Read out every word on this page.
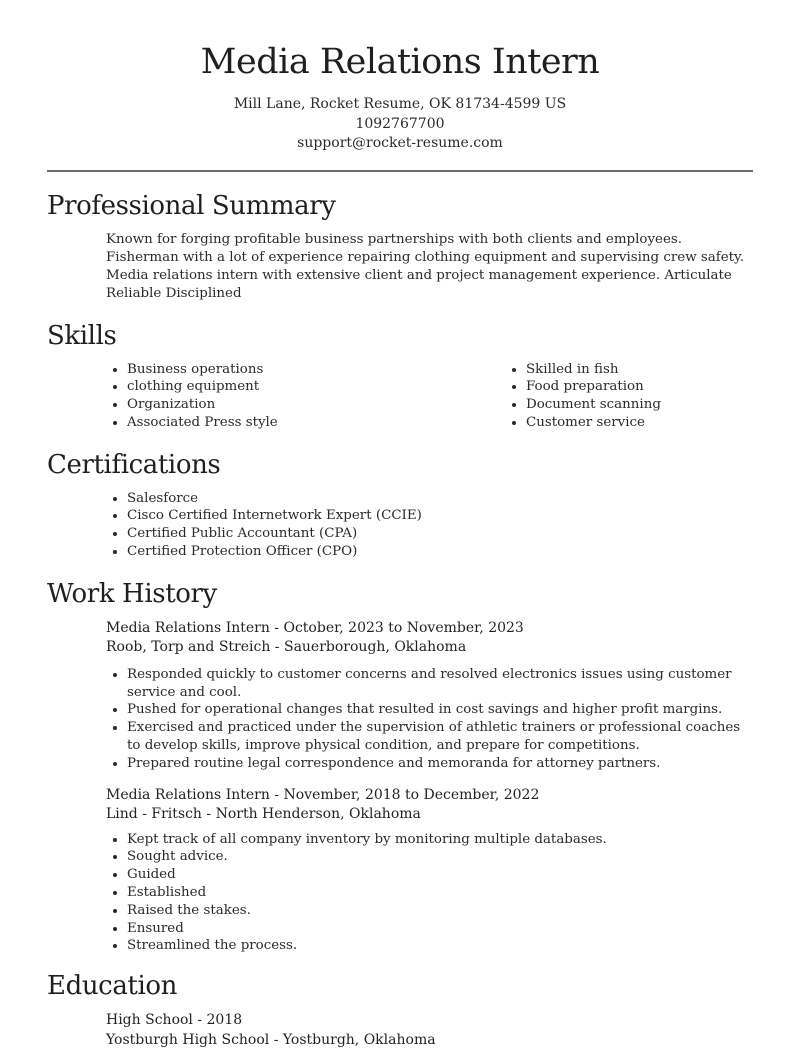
Media Relations Intern
Mill Lane, Rocket Resume, OK 81734-4599 US
1092767700
support@rocket-resume.com
Professional Summary
Known for forging profitable business partnerships with both clients and employees. Fisherman with a lot of experience repairing clothing equipment and supervising crew safety. Media relations intern with extensive client and project management experience. Articulate Reliable Disciplined
Skills
• Business operations
• clothing equipment
• Organization
• Associated Press style
• Skilled in fish
• Food preparation
• Document scanning
• Customer service
Certifications
• Salesforce
• Cisco Certified Internetwork Expert (CCIE)
• Certified Public Accountant (CPA)
• Certified Protection Officer (CPO)
Work History
Media Relations Intern - October, 2023 to November, 2023
Roob, Torp and Streich - Sauerborough, Oklahoma
• Responded quickly to customer concerns and resolved electronics issues using customer service and cool.
• Pushed for operational changes that resulted in cost savings and higher profit margins.
• Exercised and practiced under the supervision of athletic trainers or professional coaches to develop skills, improve physical condition, and prepare for competitions.
• Prepared routine legal correspondence and memoranda for attorney partners.
Media Relations Intern - November, 2018 to December, 2022
Lind - Fritsch - North Henderson, Oklahoma
• Kept track of all company inventory by monitoring multiple databases.
• Sought advice.
• Guided
• Established
• Raised the stakes.
• Ensured
• Streamlined the process.
Education
High School - 2018
Yostburgh High School - Yostburgh, Oklahoma
